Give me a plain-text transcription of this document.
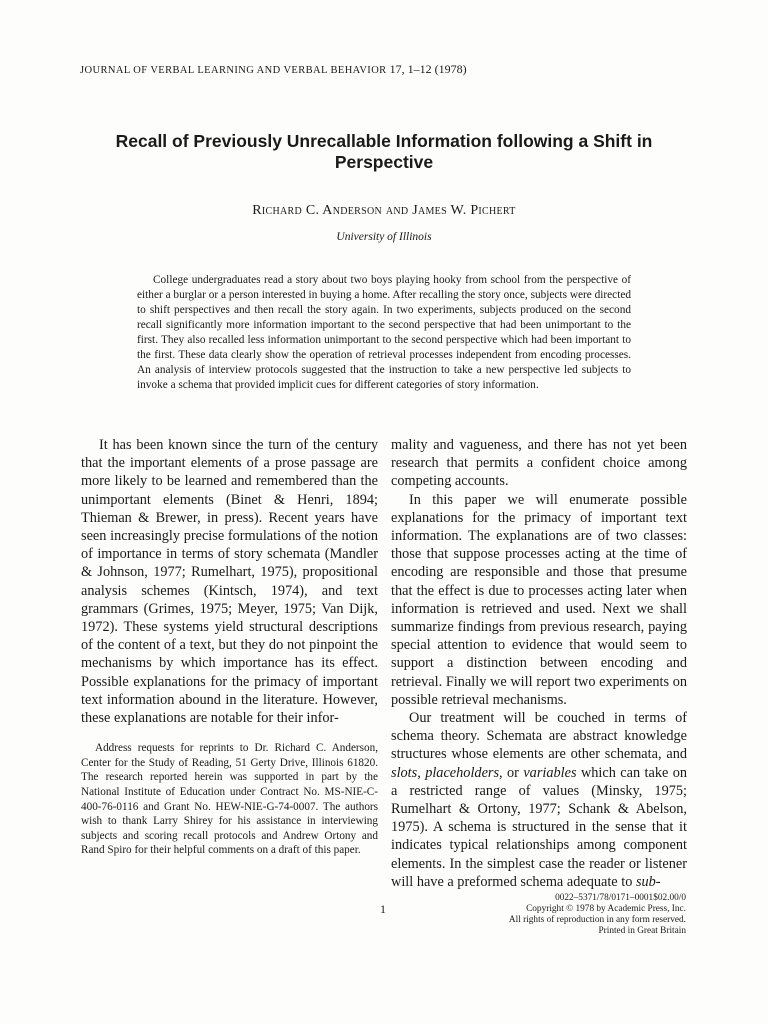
JOURNAL OF VERBAL LEARNING AND VERBAL BEHAVIOR 17, 1–12 (1978)
Recall of Previously Unrecallable Information following a Shift in Perspective
Richard C. Anderson and James W. Pichert
University of Illinois

College undergraduates read a story about two boys playing hooky from school from the perspective of either a burglar or a person interested in buying a home. After recalling the story once, subjects were directed to shift perspectives and then recall the story again. In two experiments, subjects produced on the second recall significantly more information important to the second perspective that had been unimportant to the first. They also recalled less information unimportant to the second perspective which had been important to the first. These data clearly show the operation of retrieval processes independent from encoding processes. An analysis of interview protocols suggested that the instruction to take a new perspective led subjects to invoke a schema that provided implicit cues for different categories of story information.

It has been known since the turn of the century that the important elements of a prose passage are more likely to be learned and remembered than the unimportant elements (Binet & Henri, 1894; Thieman & Brewer, in press). Recent years have seen increasingly precise formulations of the notion of importance in terms of story schemata (Mandler & Johnson, 1977; Rumelhart, 1975), propositional analysis schemes (Kintsch, 1974), and text grammars (Grimes, 1975; Meyer, 1975; Van Dijk, 1972). These systems yield structural descriptions of the content of a text, but they do not pinpoint the mechanisms by which importance has its effect. Possible explanations for the primacy of important text information abound in the literature. However, these explanations are notable for their infor-

Address requests for reprints to Dr. Richard C. Anderson, Center for the Study of Reading, 51 Gerty Drive, Illinois 61820. The research reported herein was supported in part by the National Institute of Education under Contract No. MS-NIE-C-400-76-0116 and Grant No. HEW-NIE-G-74-0007. The authors wish to thank Larry Shirey for his assistance in interviewing subjects and scoring recall protocols and Andrew Ortony and Rand Spiro for their helpful comments on a draft of this paper.

mality and vagueness, and there has not yet been research that permits a confident choice among competing accounts.

In this paper we will enumerate possible explanations for the primacy of important text information. The explanations are of two classes: those that suppose processes acting at the time of encoding are responsible and those that presume that the effect is due to processes acting later when information is retrieved and used. Next we shall summarize findings from previous research, paying special attention to evidence that would seem to support a distinction between encoding and retrieval. Finally we will report two experiments on possible retrieval mechanisms.

Our treatment will be couched in terms of schema theory. Schemata are abstract knowledge structures whose elements are other schemata, and slots, placeholders, or variables which can take on a restricted range of values (Minsky, 1975; Rumelhart & Ortony, 1977; Schank & Abelson, 1975). A schema is structured in the sense that it indicates typical relationships among component elements. In the simplest case the reader or listener will have a preformed schema adequate to sub-

1
0022–5371/78/0171–0001$02.00/0
Copyright © 1978 by Academic Press, Inc.
All rights of reproduction in any form reserved.
Printed in Great Britain
